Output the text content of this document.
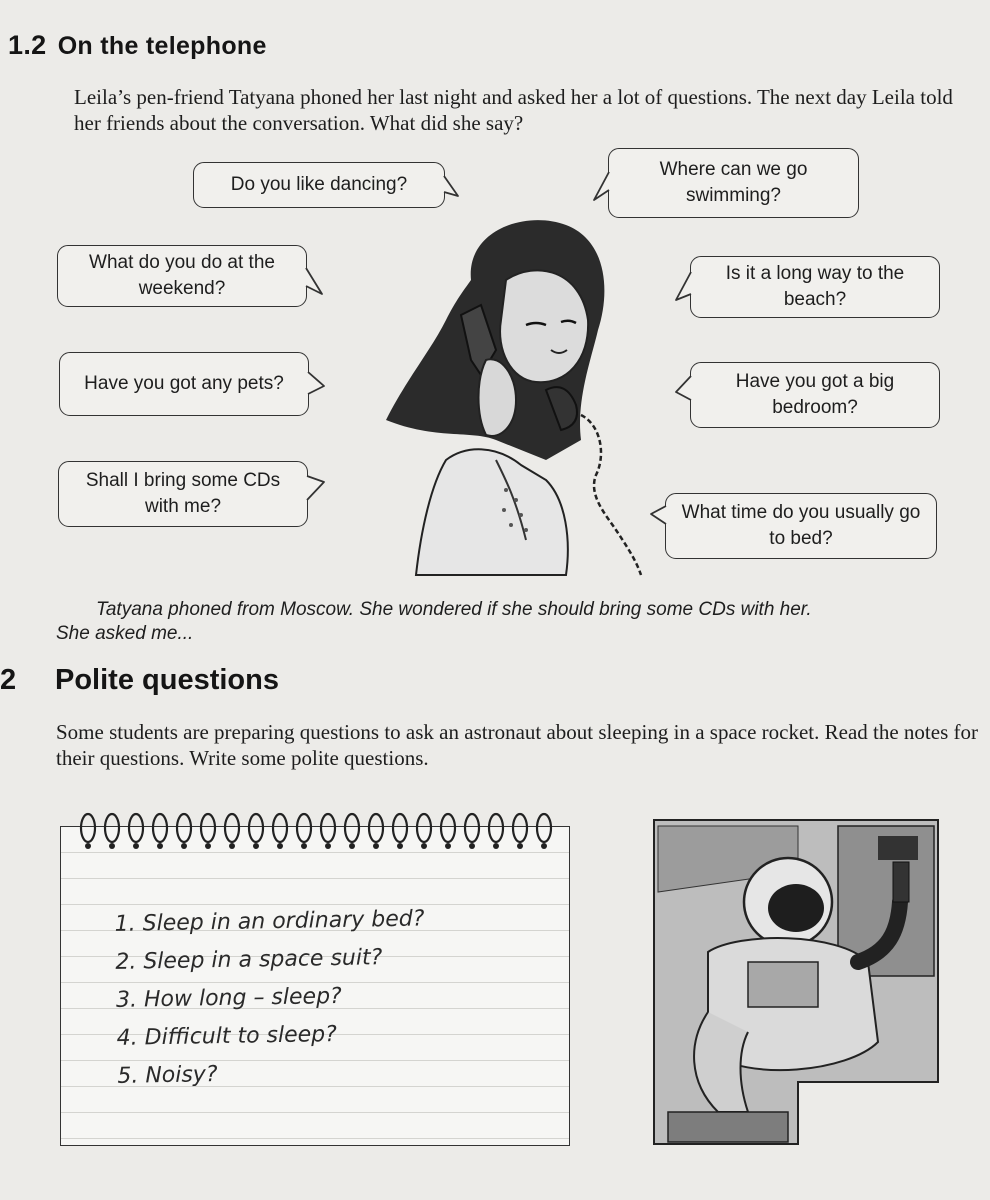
1.2 On the telephone
Leila’s pen-friend Tatyana phoned her last night and asked her a lot of questions. The next day Leila told her friends about the conversation. What did she say?
Do you like dancing?
Where can we go swimming?
What do you do at the weekend?
Is it a long way to the beach?
Have you got any pets?	Have you got a big bedroom?
Shall I bring some CDs with me?	What time do you usually go to bed?
Tatyana phoned from Moscow. She wondered if she should bring some CDs with her.
She asked me...
2 Polite questions
Some students are preparing questions to ask an astronaut about sleeping in a space rocket. Read the notes for their questions. Write some polite questions.
1. Sleep in an ordinary bed?
2. Sleep in a space suit?
3. How long – sleep?
4. Difficult to sleep?
5. Noisy?
